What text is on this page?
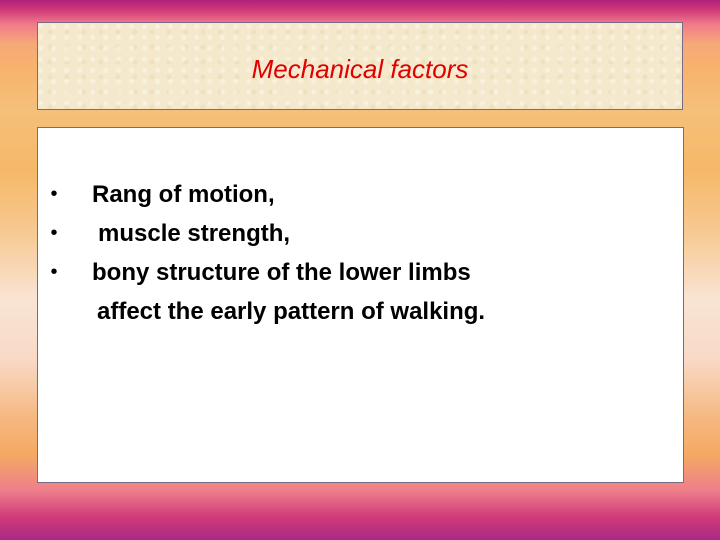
Mechanical factors
• Rang of motion,
• muscle strength,
• bony structure of the lower limbs
affect the early pattern of walking.
